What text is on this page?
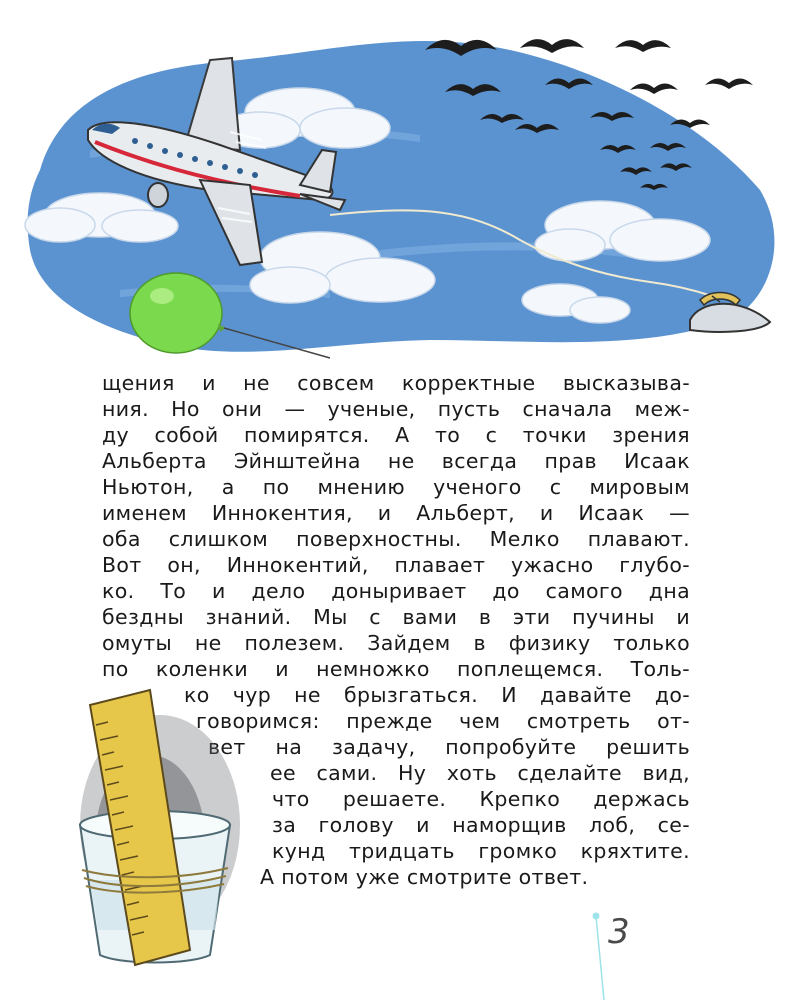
щения и не совсем корректные высказыва-
ния. Но они — ученые, пусть сначала меж-
ду собой помирятся. А то с точки зрения
Альберта Эйнштейна не всегда прав Исаак
Ньютон, а по мнению ученого с мировым
именем Иннокентия, и Альберт, и Исаак —
оба слишком поверхностны. Мелко плавают.
Вот он, Иннокентий, плавает ужасно глубо-
ко. То и дело доныривает до самого дна
бездны знаний. Мы с вами в эти пучины и
омуты не полезем. Зайдем в физику только
по коленки и немножко поплещемся. Толь-
ко чур не брызгаться. И давайте до-
говоримся: прежде чем смотреть от-
вет на задачу, попробуйте решить
ее сами. Ну хоть сделайте вид,
что решаете. Крепко держась
за голову и наморщив лоб, се-
кунд тридцать громко кряхтите.
А потом уже смотрите ответ.
3
